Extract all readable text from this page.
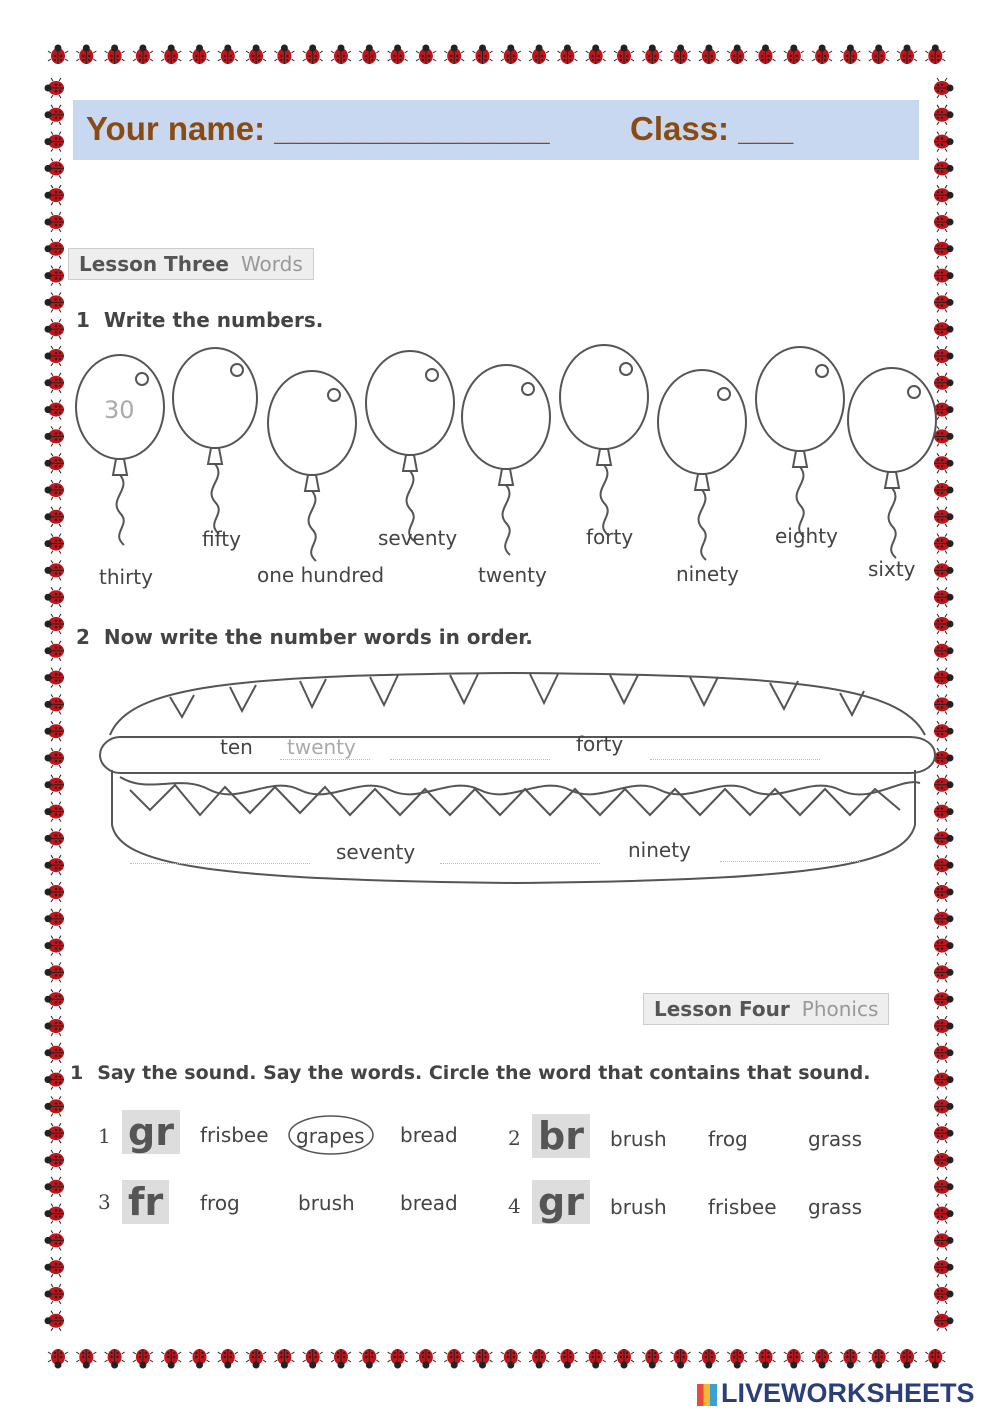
Your name: _______________ Class: ___
Lesson Three Words
1 Write the numbers.
30
thirty
fifty
one hundred
seventy
twenty
forty
ninety
eighty
sixty
2 Now write the number words in order.
ten twenty	forty
seventy	ninety
Lesson Four Phonics
1 Say the sound. Say the words. Circle the word that contains that sound.
1 gr	frisbee grapes bread	2 br	brush frog	grass
3 fr	frog	brush bread	4 gr	brush frisbee grass
LIVEWORKSHEETS
